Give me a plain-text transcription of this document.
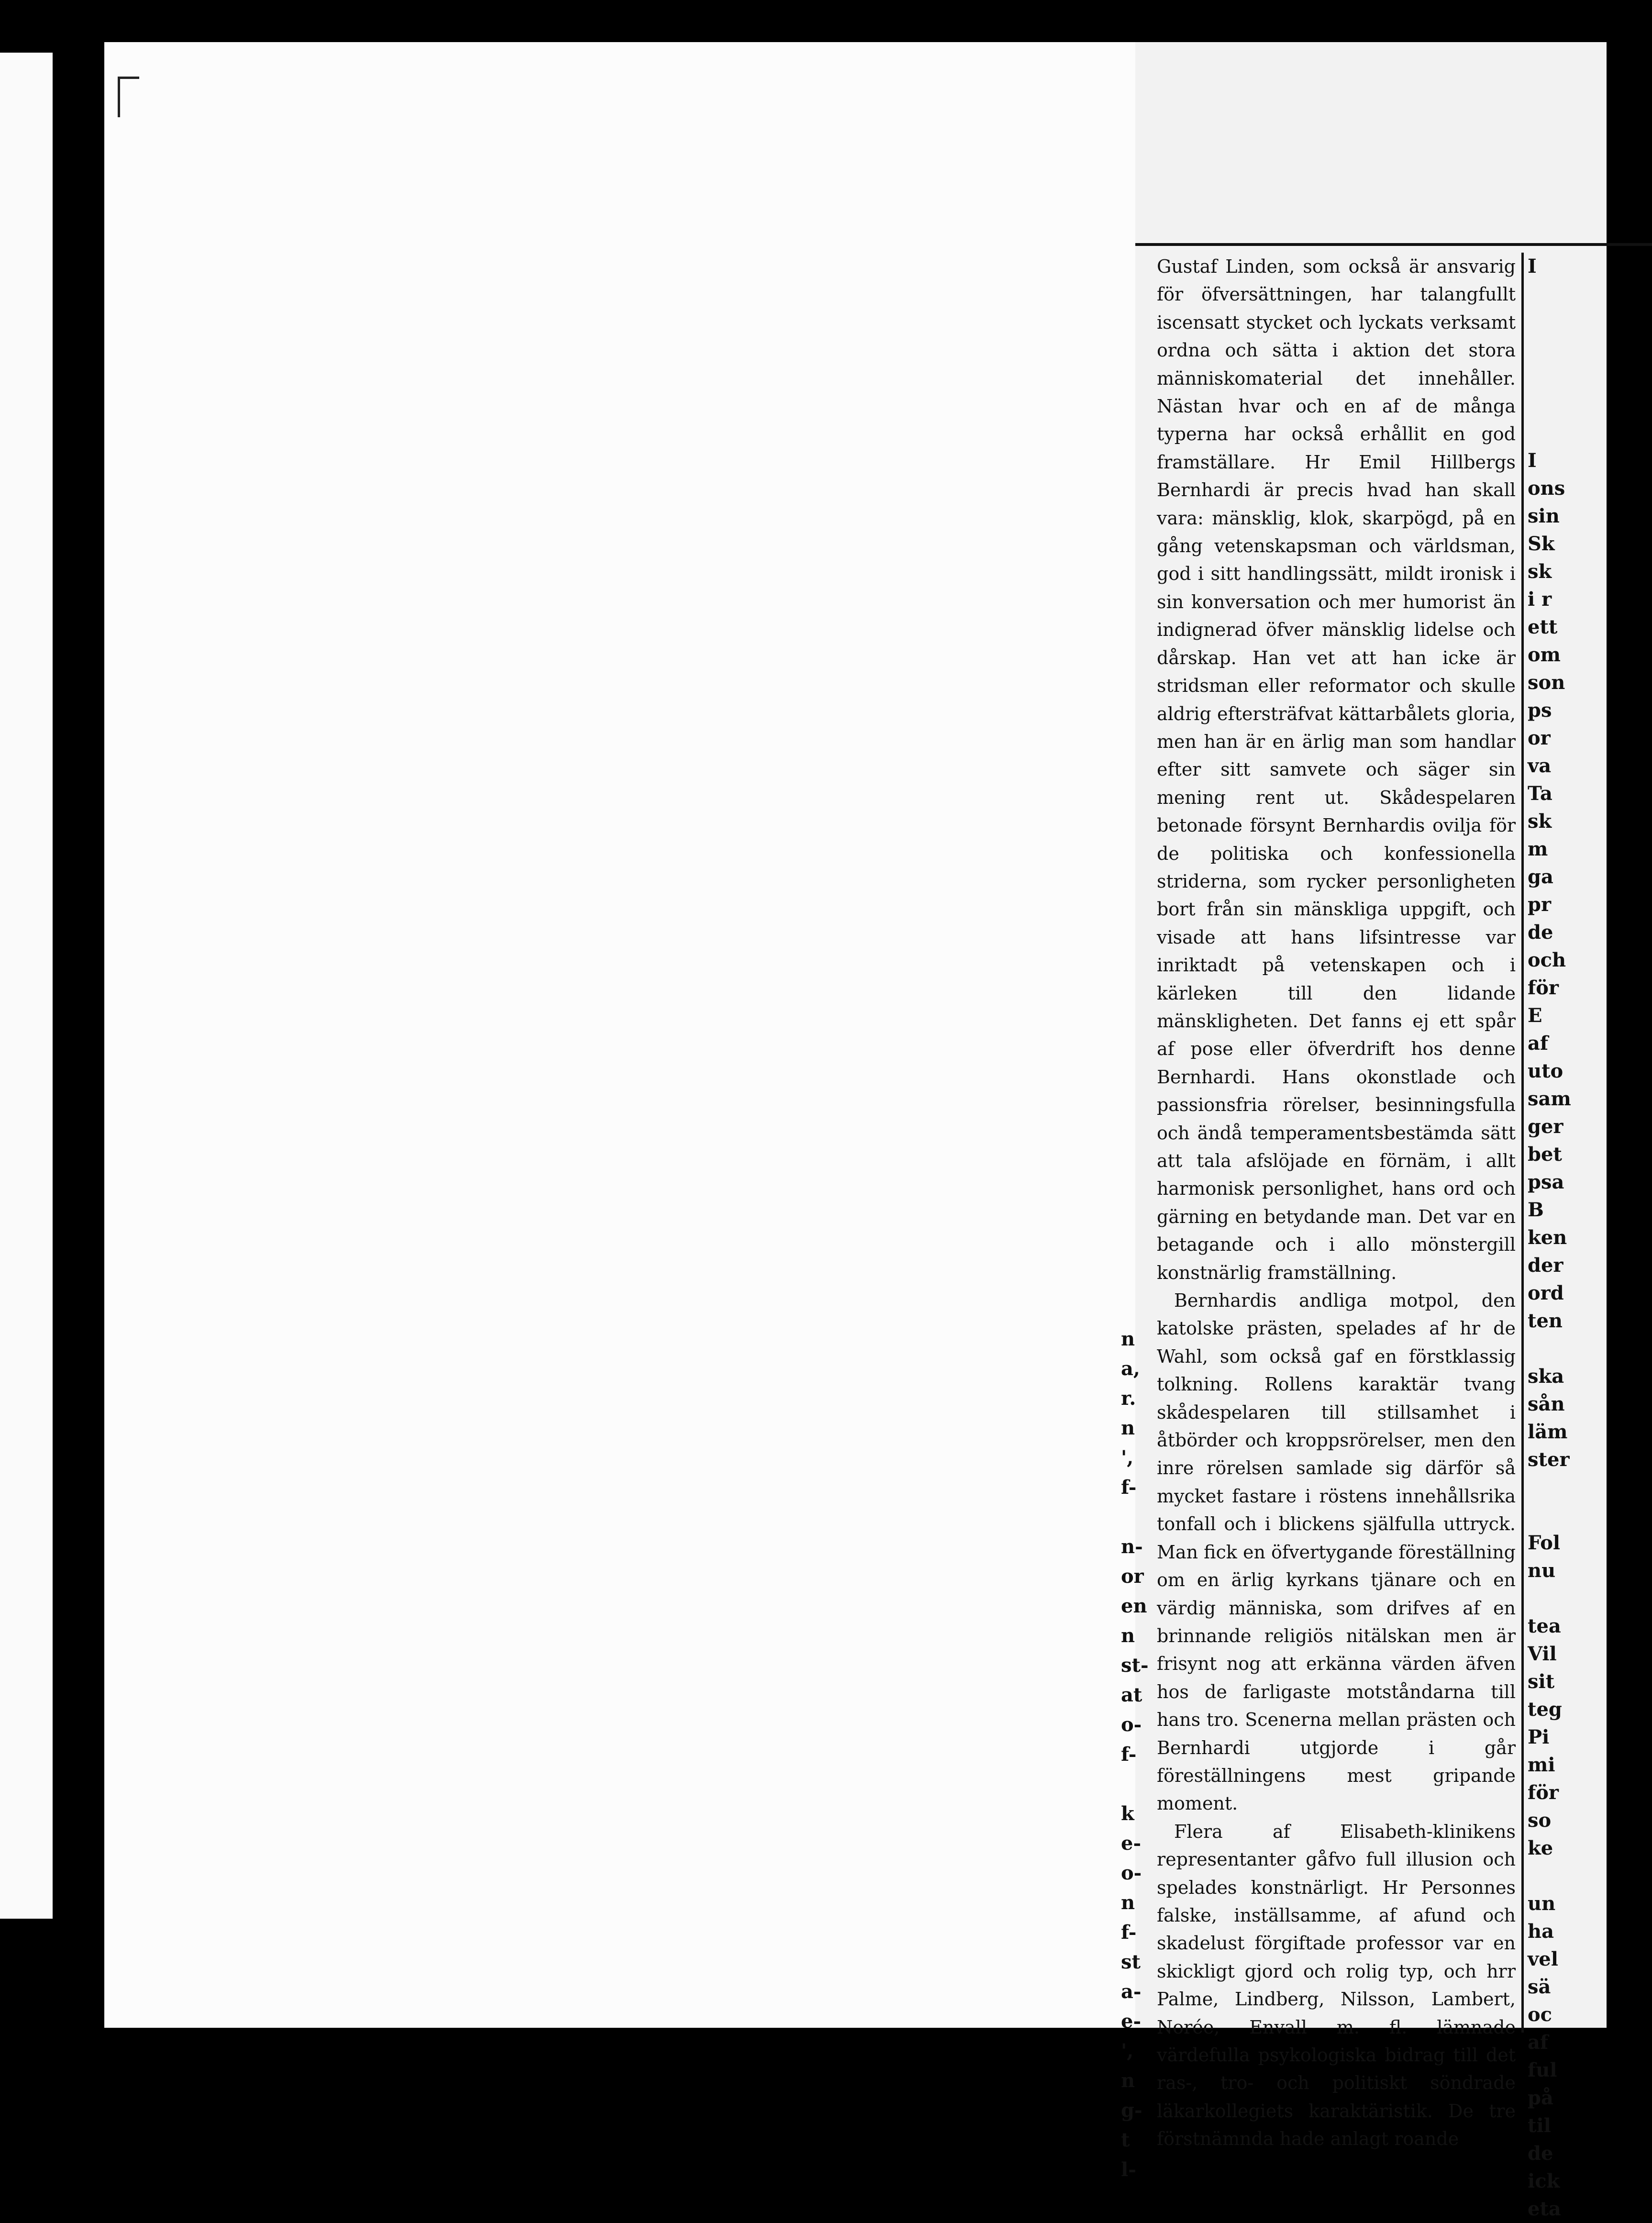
n
a,
r.
n
',
f-

n-
or
en
n
st-
at
o-
f-

k
e-
o-
n
f-
st
a-
e-
',
n
g-
t
l-

Gustaf Linden, som också är ansvarig för öfversättningen, har talangfullt iscensatt stycket och lyckats verksamt ordna och sätta i aktion det stora människomaterial det innehåller. Nästan hvar och en af de många typerna har också erhållit en god framställare. Hr Emil Hillbergs Bernhardi är precis hvad han skall vara: mänsklig, klok, skarpögd, på en gång vetenskapsman och världsman, god i sitt handlingssätt, mildt ironisk i sin konversation och mer humorist än indignerad öfver mänsklig lidelse och dårskap. Han vet att han icke är stridsman eller reformator och skulle aldrig eftersträfvat kättarbålets gloria, men han är en ärlig man som handlar efter sitt samvete och säger sin mening rent ut. Skådespelaren betonade försynt Bernhardis ovilja för de politiska och konfessionella striderna, som rycker personligheten bort från sin mänskliga uppgift, och visade att hans lifsintresse var inriktadt på vetenskapen och i kärleken till den lidande mänskligheten. Det fanns ej ett spår af pose eller öfverdrift hos denne Bernhardi. Hans okonstlade och passionsfria rörelser, besinningsfulla och ändå temperamentsbestämda sätt att tala afslöjade en förnäm, i allt harmonisk personlighet, hans ord och gärning en betydande man. Det var en betagande och i allo mönstergill konstnärlig framställning.

Bernhardis andliga motpol, den katolske prästen, spelades af hr de Wahl, som också gaf en förstklassig tolkning. Rollens karaktär tvang skådespelaren till stillsamhet i åtbörder och kroppsrörelser, men den inre rörelsen samlade sig därför så mycket fastare i röstens innehållsrika tonfall och i blickens själfulla uttryck. Man fick en öfvertygande föreställning om en ärlig kyrkans tjänare och en värdig människa, som drifves af en brinnande religiös nitälskan men är frisynt nog att erkänna värden äfven hos de farligaste motståndarna till hans tro. Scenerna mellan prästen och Bernhardi utgjorde i går föreställningens mest gripande moment.

Flera af Elisabeth-klinikens representanter gåfvo full illusion och spelades konstnärligt. Hr Personnes falske, inställsamme, af afund och skadelust förgiftade professor var en skickligt gjord och rolig typ, och hrr Palme, Lindberg, Nilsson, Lambert, Norée, Envall m. fl. lämnade värdefulla psykologiska bidrag till det ras-, tro- och politiskt söndrade läkarkollegiets karaktäristik. De tre förstnämnda hade anlagt roande

I

I
ons
sin
Sk
sk
i r
ett
om
son
ps
or
va
Ta
sk
m
ga
pr
de
och
för
E
af
uto
sam
ger
bet
psa
B
ken
der
ord
ten

ska
sån
läm
ster

Fol
nu

tea
Vil
sit
teg
Pi
mi
för
so
ke

un
ha
vel
sä
oc
af
ful
på
til
de
ick
eta
